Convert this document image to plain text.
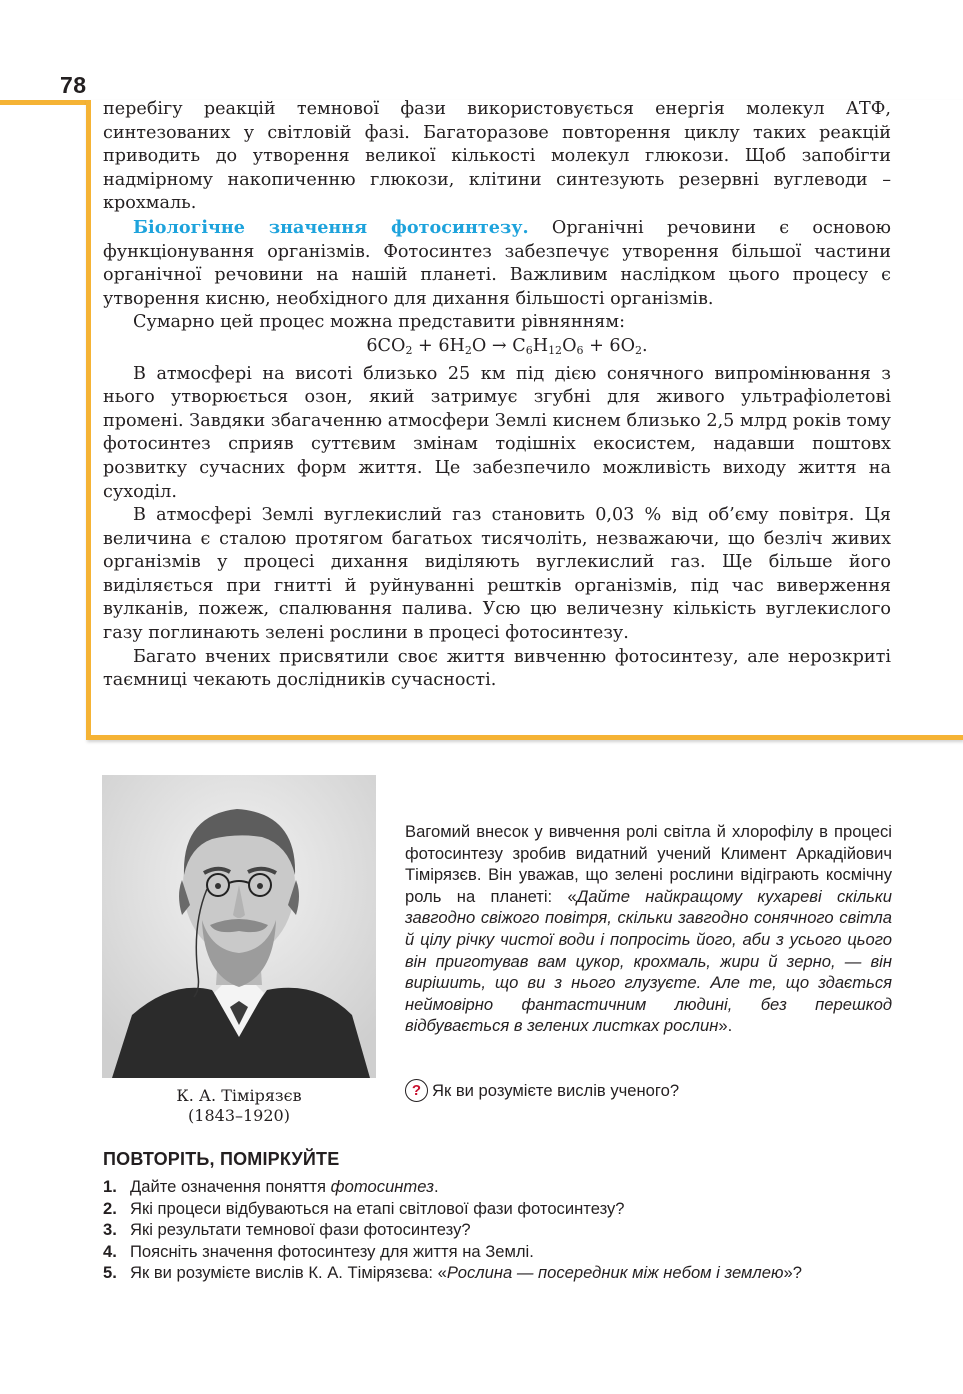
78

перебігу реакцій темнової фази використовується енергія молекул АТФ, синтезованих у світловій фазі. Багаторазове повторення циклу таких реакцій приводить до утворення великої кількості молекул глюкози. Щоб запобігти надмірному накопиченню глюкози, клітини синтезують резервні вуглеводи – крохмаль.

Біологічне значення фотосинтезу. Органічні речовини є основою функціонування організмів. Фотосинтез забезпечує утворення більшої частини органічної речовини на нашій планеті. Важливим наслідком цього процесу є утворення кисню, необхідного для дихання більшості організмів.

Сумарно цей процес можна представити рівнянням:

$6CO_2 + 6H_2O \to C_6H_{12}O_6 + 6O_2$.

В атмосфері на висоті близько 25 км під дією сонячного випромінювання з нього утворюється озон, який затримує згубні для живого ультрафіолетові промені. Завдяки збагаченню атмосфери Землі киснем близько 2,5 млрд років тому фотосинтез сприяв суттєвим змінам тодішніх екосистем, надавши поштовх розвитку сучасних форм життя. Це забезпечило можливість виходу життя на суходіл.

В атмосфері Землі вуглекислий газ становить 0,03 % від об’єму повітря. Ця величина є сталою протягом багатьох тисячоліть, незважаючи, що безліч живих організмів у процесі дихання виділяють вуглекислий газ. Ще більше його виділяється при гнитті й руйнуванні рештків організмів, під час виверження вулканів, пожеж, спалювання палива. Усю цю величезну кількість вуглекислого газу поглинають зелені рослини в процесі фотосинтезу.

Багато вчених присвятили своє життя вивченню фотосинтезу, але нерозкриті таємниці чекають дослідників сучасності.

К. А. Тімірязєв
(1843–1920)
Вагомий внесок у вивчення ролі світла й хлорофілу в процесі фотосинтезу зробив видатний учений Климент Аркадійович Тімірязєв. Він уважав, що зелені рослини відіграють космічну роль на планеті: «Дайте найкращому кухареві скільки завгодно свіжого повітря, скільки завгодно сонячного світла й цілу річку чистої води і попросіть його, аби з усього цього він приготував вам цукор, крохмаль, жири й зерно, — він вирішить, що ви з нього глузуєте. Але те, що здається неймовірно фантастичним людині, без перешкод відбувається в зелених листках рослин».
? Як ви розумієте вислів ученого?
ПОВТОРІТЬ, ПОМІРКУЙТЕ
1. Дайте означення поняття фотосинтез.
2. Які процеси відбуваються на етапі світлової фази фотосинтезу?
3. Які результати темнової фази фотосинтезу?
4. Поясніть значення фотосинтезу для життя на Землі.
5. Як ви розумієте вислів К. А. Тімірязєва: «Рослина — посередник між небом і землею»?
